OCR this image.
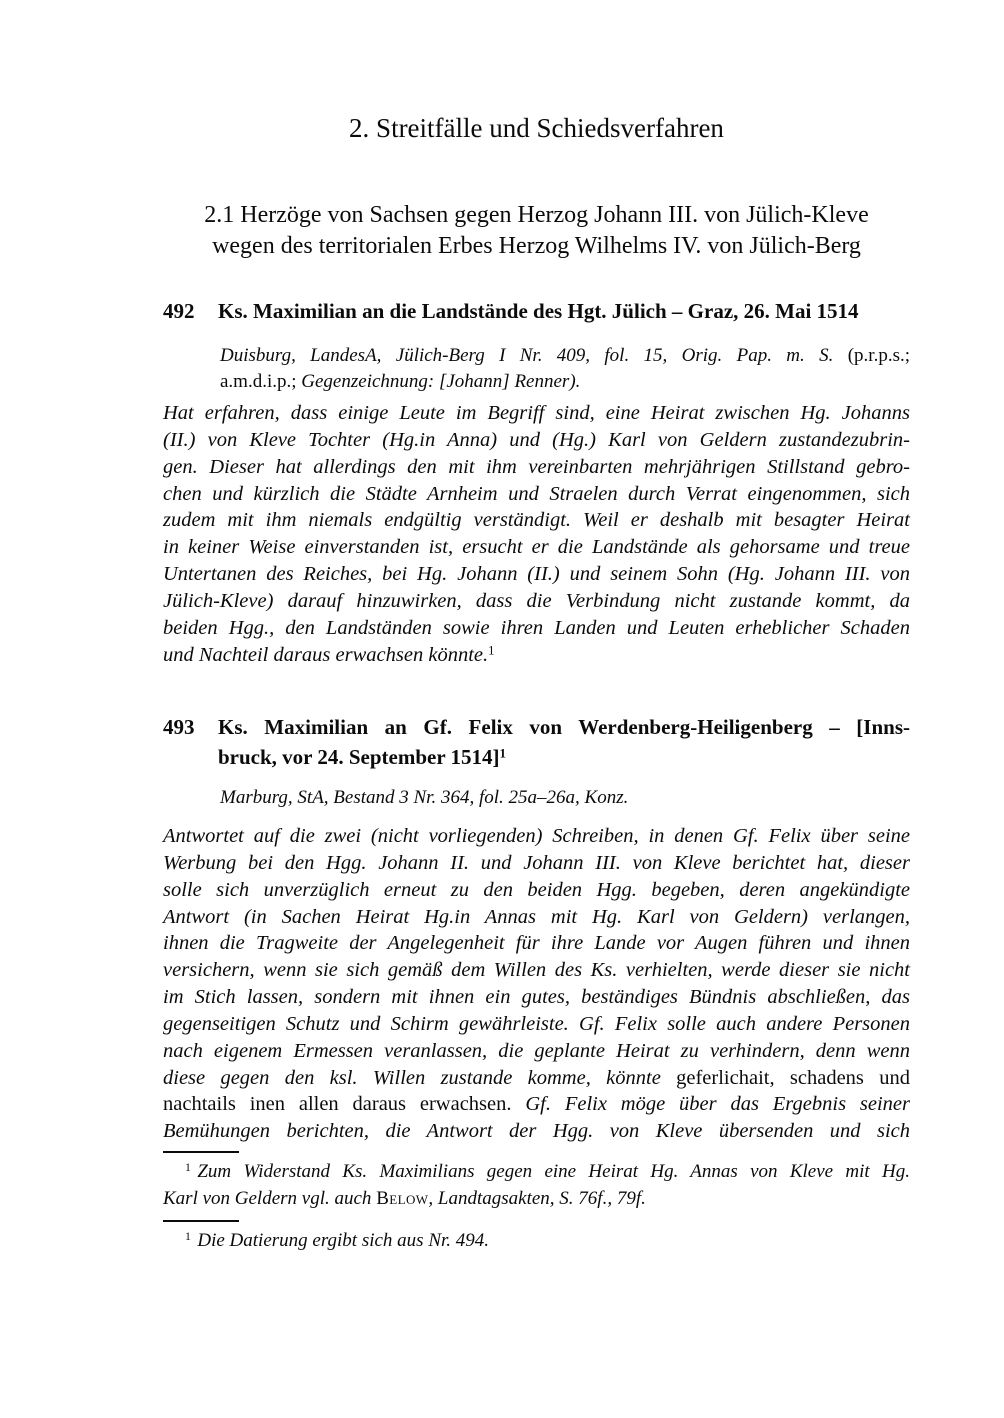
2. Streitfälle und Schiedsverfahren
2.1 Herzöge von Sachsen gegen Herzog Johann III. von Jülich-Kleve
wegen des territorialen Erbes Herzog Wilhelms IV. von Jülich-Berg
492	Ks. Maximilian an die Landstände des Hgt. Jülich – Graz, 26. Mai 1514
Duisburg, LandesA, Jülich-Berg I Nr. 409, fol. 15, Orig. Pap. m. S. (p.r.p.s.;
a.m.d.i.p.; Gegenzeichnung: [Johann] Renner).
Hat erfahren, dass einige Leute im Begriff sind, eine Heirat zwischen Hg. Johanns
(II.) von Kleve Tochter (Hg.in Anna) und (Hg.) Karl von Geldern zustandezubrin-
gen. Dieser hat allerdings den mit ihm vereinbarten mehrjährigen Stillstand gebro-
chen und kürzlich die Städte Arnheim und Straelen durch Verrat eingenommen, sich
zudem mit ihm niemals endgültig verständigt. Weil er deshalb mit besagter Heirat
in keiner Weise einverstanden ist, ersucht er die Landstände als gehorsame und treue
Untertanen des Reiches, bei Hg. Johann (II.) und seinem Sohn (Hg. Johann III. von
Jülich-Kleve) darauf hinzuwirken, dass die Verbindung nicht zustande kommt, da
beiden Hgg., den Landständen sowie ihren Landen und Leuten erheblicher Schaden
und Nachteil daraus erwachsen könnte.$^1$
493	Ks. Maximilian an Gf. Felix von Werdenberg-Heiligenberg – [Inns-
bruck, vor 24. September 1514]$^1$
Marburg, StA, Bestand 3 Nr. 364, fol. 25a–26a, Konz.
Antwortet auf die zwei (nicht vorliegenden) Schreiben, in denen Gf. Felix über seine
Werbung bei den Hgg. Johann II. und Johann III. von Kleve berichtet hat, dieser
solle sich unverzüglich erneut zu den beiden Hgg. begeben, deren angekündigte
Antwort (in Sachen Heirat Hg.in Annas mit Hg. Karl von Geldern) verlangen,
ihnen die Tragweite der Angelegenheit für ihre Lande vor Augen führen und ihnen
versichern, wenn sie sich gemäß dem Willen des Ks. verhielten, werde dieser sie nicht
im Stich lassen, sondern mit ihnen ein gutes, beständiges Bündnis abschließen, das
gegenseitigen Schutz und Schirm gewährleiste. Gf. Felix solle auch andere Personen
nach eigenem Ermessen veranlassen, die geplante Heirat zu verhindern, denn wenn
diese gegen den ksl. Willen zustande komme, könnte geferlichait, schadens und
nachtails inen allen daraus erwachsen. Gf. Felix möge über das Ergebnis seiner
Bemühungen berichten, die Antwort der Hgg. von Kleve übersenden und sich
$^1$ Zum Widerstand Ks. Maximilians gegen eine Heirat Hg. Annas von Kleve mit Hg.
Karl von Geldern vgl. auch Below, Landtagsakten, S. 76f., 79f.
$^1$ Die Datierung ergibt sich aus Nr. 494.
